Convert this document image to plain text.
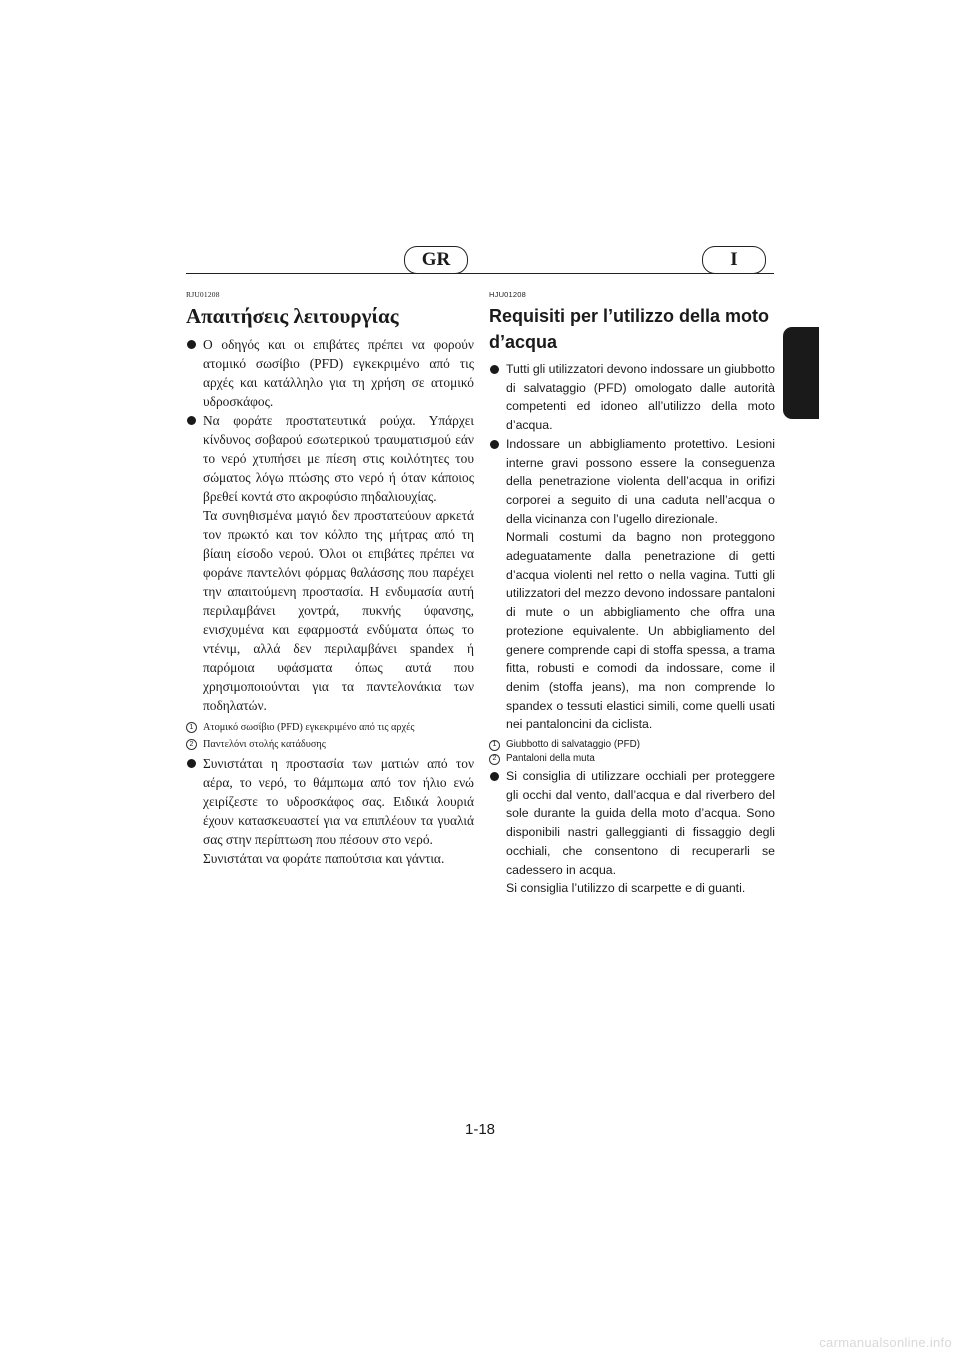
GR	I
RJU01208
Απαιτήσεις λειτουργίας
Ο οδηγός και οι επιβάτες πρέπει να φορούν ατομικό σωσίβιο (PFD) εγκεκριμένο από τις αρχές και κατάλληλο για τη χρήση σε ατομικό υδροσκάφος.
Να φοράτε προστατευτικά ρούχα. Υπάρχει κίνδυνος σοβαρού εσωτερικού τραυματισμού εάν το νερό χτυπήσει με πίεση στις κοιλότητες του σώματος λόγω πτώσης στο νερό ή όταν κάποιος βρεθεί κοντά στο ακροφύσιο πηδαλιουχίας.
Τα συνηθισμένα μαγιό δεν προστατεύουν αρκετά τον πρωκτό και τον κόλπο της μήτρας από τη βίαιη είσοδο νερού. Όλοι οι επιβάτες πρέπει να φοράνε παντελόνι φόρμας θαλάσσης που παρέχει την απαιτούμενη προστασία. Η ενδυμασία αυτή περιλαμβάνει χοντρά, πυκνής ύφανσης, ενισχυμένα και εφαρμοστά ενδύματα όπως το ντένιμ, αλλά δεν περιλαμβάνει spandex ή παρόμοια υφάσματα όπως αυτά που χρησιμοποιούνται για τα παντελονάκια των ποδηλατών.
1 Ατομικό σωσίβιο (PFD) εγκεκριμένο από τις αρχές
2 Παντελόνι στολής κατάδυσης
Συνιστάται η προστασία των ματιών από τον αέρα, το νερό, το θάμπωμα από τον ήλιο ενώ χειρίζεστε το υδροσκάφος σας. Ειδικά λουριά έχουν κατασκευαστεί για να επιπλέουν τα γυαλιά σας στην περίπτωση που πέσουν στο νερό.
Συνιστάται να φοράτε παπούτσια και γάντια.
HJU01208
Requisiti per l’utilizzo della moto d’acqua
Tutti gli utilizzatori devono indossare un giubbotto di salvataggio (PFD) omologato dalle autorità competenti ed idoneo all’utilizzo della moto d’acqua.
Indossare un abbigliamento protettivo. Lesioni interne gravi possono essere la conseguenza della penetrazione violenta dell’acqua in orifizi corporei a seguito di una caduta nell’acqua o della vicinanza con l’ugello direzionale.
Normali costumi da bagno non proteggono adeguatamente dalla penetrazione di getti d’acqua violenti nel retto o nella vagina. Tutti gli utilizzatori del mezzo devono indossare pantaloni di mute o un abbigliamento che offra una protezione equivalente. Un abbigliamento del genere comprende capi di stoffa spessa, a trama fitta, robusti e comodi da indossare, come il denim (stoffa jeans), ma non comprende lo spandex o tessuti elastici simili, come quelli usati nei pantaloncini da ciclista.
1 Giubbotto di salvataggio (PFD)
2 Pantaloni della muta
Si consiglia di utilizzare occhiali per proteggere gli occhi dal vento, dall’acqua e dal riverbero del sole durante la guida della moto d’acqua. Sono disponibili nastri galleggianti di fissaggio degli occhiali, che consentono di recuperarli se cadessero in acqua.
Si consiglia l’utilizzo di scarpette e di guanti.
1-18
carmanualsonline.info
